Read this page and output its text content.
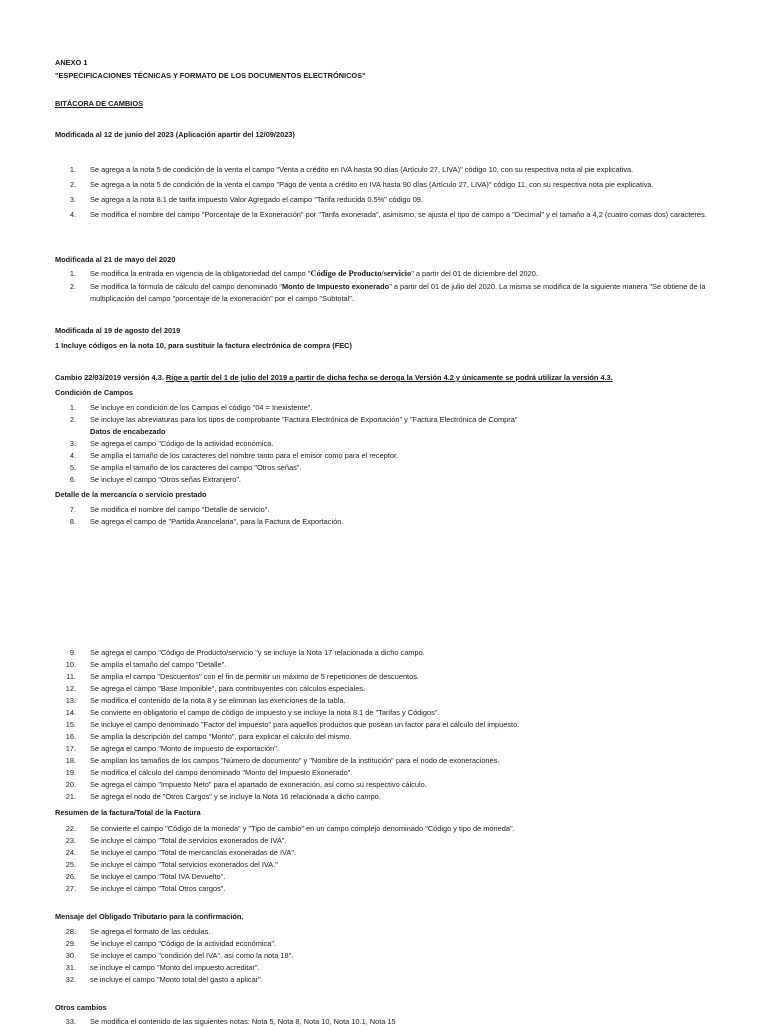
ANEXO 1
"ESPECIFICACIONES TÉCNICAS Y FORMATO DE LOS DOCUMENTOS ELECTRÓNICOS"
BITÁCORA DE CAMBIOS
Modificada al 12 de junio del 2023 (Aplicación apartir del 12/09/2023)
1. Se agrega a la nota 5 de condición de la venta el campo "Venta a crédito en IVA hasta 90 días (Artículo 27, LIVA)" código 10, con su respectiva nota al pie explicativa.
2. Se agrega a la nota 5 de condición de la venta el campo "Pago de venta a crédito en IVA hasta 90 días (Artículo 27, LIVA)" código 11, con su respectiva nota pie explicativa.
3. Se agrega a la nota 8.1 de tarifa impuesto Valor Agregado el campo "Tarifa reducida 0.5%" código 09.
4. Se modifica el nombre del campo "Porcentaje de la Exoneración" por "Tarifa exonerada", asimismo, se ajusta el tipo de campo a "Decimal" y el tamaño a 4,2 (cuatro comas dos) caracteres.
Modificada al 21 de mayo del 2020
1. Se modifica la entrada en vigencia de la obligatoriedad del campo "Código de Producto/servicio" a partir del 01 de diciembre del 2020.
2. Se modifica la fórmula de cálculo del campo denominado "Monto de Impuesto exonerado" a partir del 01 de julio del 2020. La misma se modifica de la siguiente manera "Se obtiene de la
multiplicación del campo "porcentaje de la exoneración" por el campo "Subtotal".
Modificada al 19 de agosto del 2019
1 Incluye códigos en la nota 10, para sustituir la factura electrónica de compra (FEC)
Cambio 22/03/2019 versión 4.3. Rige a partir del 1 de julio del 2019 a partir de dicha fecha se deroga la Versión 4.2 y únicamente se podrá utilizar la versión 4.3.
Condición de Campos
1. Se incluye en condición de los Campos el código "04 = Inexistente".
2. Se incluye las abreviaturas para los tipos de comprobante "Factura Electrónica de Exportación" y "Factura Electrónica de Compra"
Datos de encabezado
3. Se agrega el campo "Código de la actividad económica.
4. Se amplía el tamaño de los caracteres del nombre tanto para el emisor como para el receptor.
5. Se amplía el tamaño de los caracteres del campo "Otros señas".
6. Se incluye el campo "Otros señas Extranjero".
Detalle de la mercancía o servicio prestado
7. Se modifica el nombre del campo "Detalle de servicio".
8. Se agrega el campo de "Partida Arancelaria", para la Factura de Exportación.
9. Se agrega el campo "Código de Producto/servicio "y se incluye la Nota 17 relacionada a dicho campo.
10. Se amplía el tamaño del campo "Detalle".
11. Se amplía el campo "Descuentos" con el fin de permitir un máximo de 5 repeticiones de descuentos.
12. Se agrega el campo "Base Imponible", para contribuyentes con cálculos especiales.
13. Se modifica el contenido de la nota 8 y se eliminan las exenciones de la tabla.
14. Se convierte en obligatorio el campo de código de impuesto y se incluye la nota 8.1 de "Tarifas y Códigos".
15. Se incluye el campo denominado "Factor del impuesto" para aquellos productos que posean un factor para el cálculo del impuesto.
16. Se amplía la descripción del campo "Monto", para explicar el cálculo del mismo.
17. Se agrega el campo "Monto de impuesto de exportación".
18. Se amplían los tamaños de los campos "Número de documento" y "Nombre de la institución" para el nodo de exoneraciones.
19. Se modifica el cálculo del campo denominado "Monto del Impuesto Exonerado".
20. Se agrega el campo "Impuesto Neto" para el apartado de exoneración, así como su respectivo cálculo.
21. Se agrega el nodo de "Otros Cargos" y se incluye la Nota 16 relacionada a dicho campo.
Resumen de la factura/Total de la Factura
22. Se convierte el campo "Código de la moneda" y "Tipo de cambio" en un campo complejo denominado "Código y tipo de moneda".
23. Se incluye el campo "Total de servicios exonerados de IVA".
24. Se incluye el campo "Total de mercancías exoneradas de IVA".
25. Se incluye el campo "Total servicios exonerados del IVA."
26. Se incluye el campo "Total IVA Devuelto".
27. Se incluye el campo "Total Otros cargos".
Mensaje del Obligado Tributario para la confirmación.
28. Se agrega el formato de las cédulas.
29. Se incluye el campo "Código de la actividad económica".
30. Se incluye el campo "condición del IVA", así como la nota 18".
31. se incluye el campo "Monto del impuesto acreditar".
32. se incluye el campo "Monto total del gasto a aplicar".
Otros cambios
33. Se modifica el contenido de las siguientes notas: Nota 5, Nota 8, Nota 10, Nota 10.1, Nota 15
